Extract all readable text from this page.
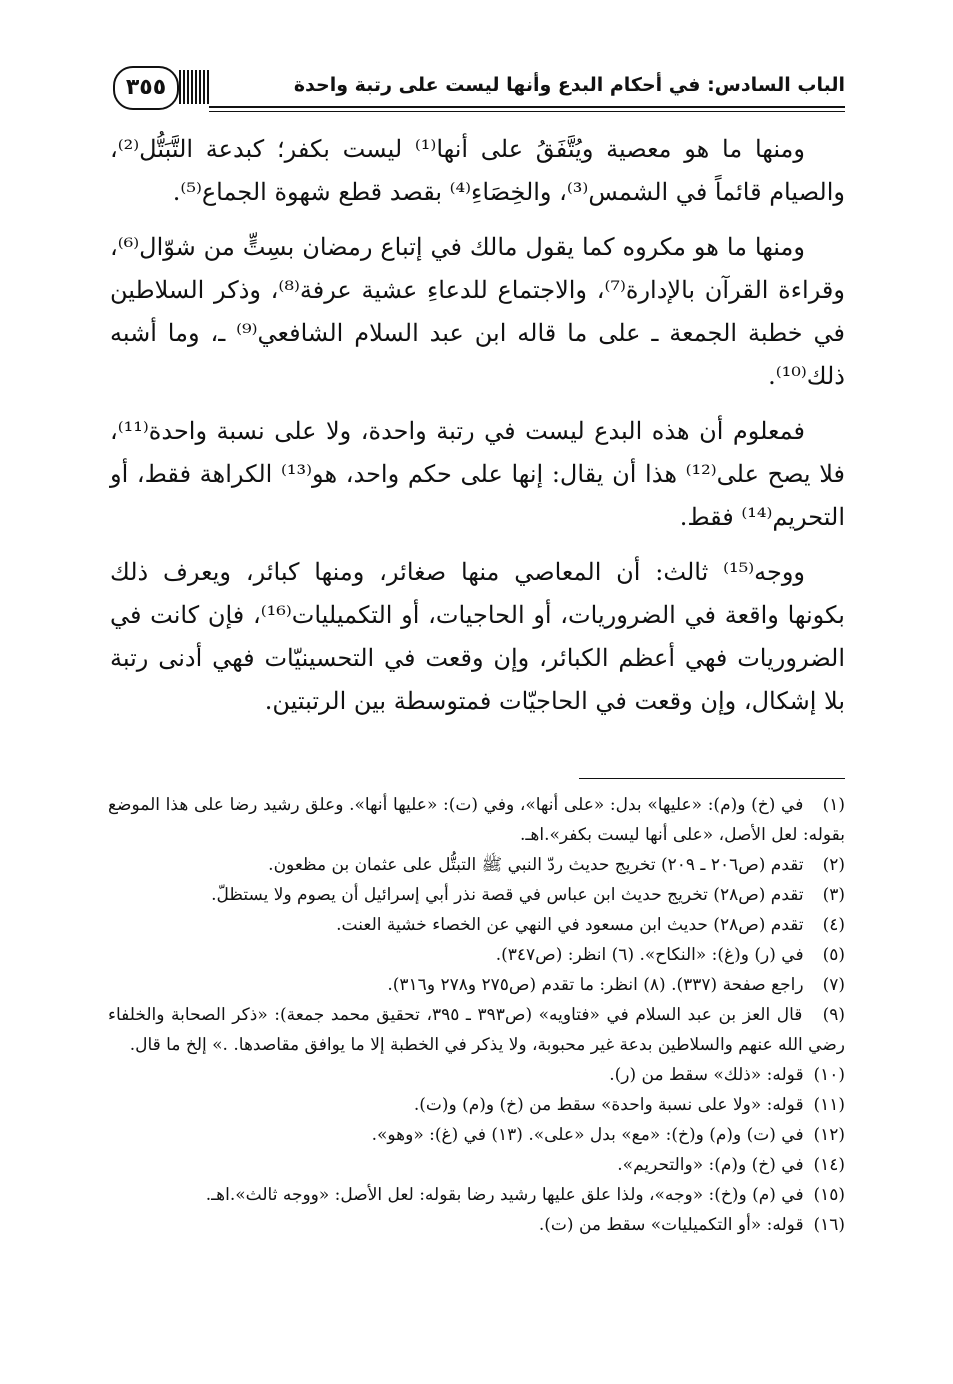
الباب السادس: في أحكام البدع وأنها ليست على رتبة واحدة
٣٥٥

ومنها ما هو معصية ويُتَّفَقُ على أنها⁽¹⁾ ليست بكفر؛ كبدعة التَّبَتُّل⁽²⁾، والصيام قائماً في الشمس⁽³⁾، والخِصَاءِ⁽⁴⁾ بقصد قطع شهوة الجماع⁽⁵⁾.

ومنها ما هو مكروه كما يقول مالك في إتباع رمضان بسِتٍّ من شوّال⁽⁶⁾، وقراءة القرآن بالإدارة⁽⁷⁾، والاجتماع للدعاءِ عشية عرفة⁽⁸⁾، وذكر السلاطين في خطبة الجمعة ـ على ما قاله ابن عبد السلام الشافعي⁽⁹⁾ ـ، وما أشبه ذلك⁽¹⁰⁾.

فمعلوم أن هذه البدع ليست في رتبة واحدة، ولا على نسبة واحدة⁽¹¹⁾، فلا يصح على⁽¹²⁾ هذا أن يقال: إنها على حكم واحد، هو⁽¹³⁾ الكراهة فقط، أو التحريم⁽¹⁴⁾ فقط.

ووجه⁽¹⁵⁾ ثالث: أن المعاصي منها صغائر، ومنها كبائر، ويعرف ذلك بكونها واقعة في الضروريات، أو الحاجيات، أو التكميليات⁽¹⁶⁾، فإن كانت في الضروريات فهي أعظم الكبائر، وإن وقعت في التحسينيّات فهي أدنى رتبة بلا إشكال، وإن وقعت في الحاجيّات فمتوسطة بين الرتبتين.

(١) في (خ) و(م): «عليها» بدل: «على أنها»، وفي (ت): «عليها أنها». وعلق رشيد رضا على هذا الموضع بقوله: لعل الأصل، «على أنها ليست بكفر».اهـ.
(٢) تقدم (ص٢٠٦ ـ ٢٠٩) تخريج حديث ردّ النبي ﷺ التبتُّل على عثمان بن مظعون.
(٣) تقدم (ص٢٨) تخريج حديث ابن عباس في قصة نذر أبي إسرائيل أن يصوم ولا يستظلّ.
(٤) تقدم (ص٢٨) حديث ابن مسعود في النهي عن الخصاء خشية العنت.
(٥) في (ر) و(غ): «النكاح». (٦) انظر: (ص٣٤٧).
(٧) راجع صفحة (٣٣٧). (٨) انظر: ما تقدم (ص٢٧٥ و٢٧٨ و٣١٦).
(٩) قال العز بن عبد السلام في «فتاويه» (ص٣٩٣ ـ ٣٩٥، تحقيق محمد جمعة): «ذكر الصحابة والخلفاء رضي الله عنهم والسلاطين بدعة غير محبوبة، ولا يذكر في الخطبة إلا ما يوافق مقاصدها. .» إلخ ما قال.
(١٠) قوله: «ذلك» سقط من (ر).
(١١) قوله: «ولا على نسبة واحدة» سقط من (خ) و(م) و(ت).
(١٢) في (ت) و(م) و(خ): «مع» بدل «على». (١٣) في (غ): «وهو».
(١٤) في (خ) و(م): «والتحريم».
(١٥) في (م) و(خ): «وجه»، ولذا علق عليها رشيد رضا بقوله: لعل الأصل: «ووجه ثالث».اهـ.
(١٦) قوله: «أو التكميليات» سقط من (ت).
